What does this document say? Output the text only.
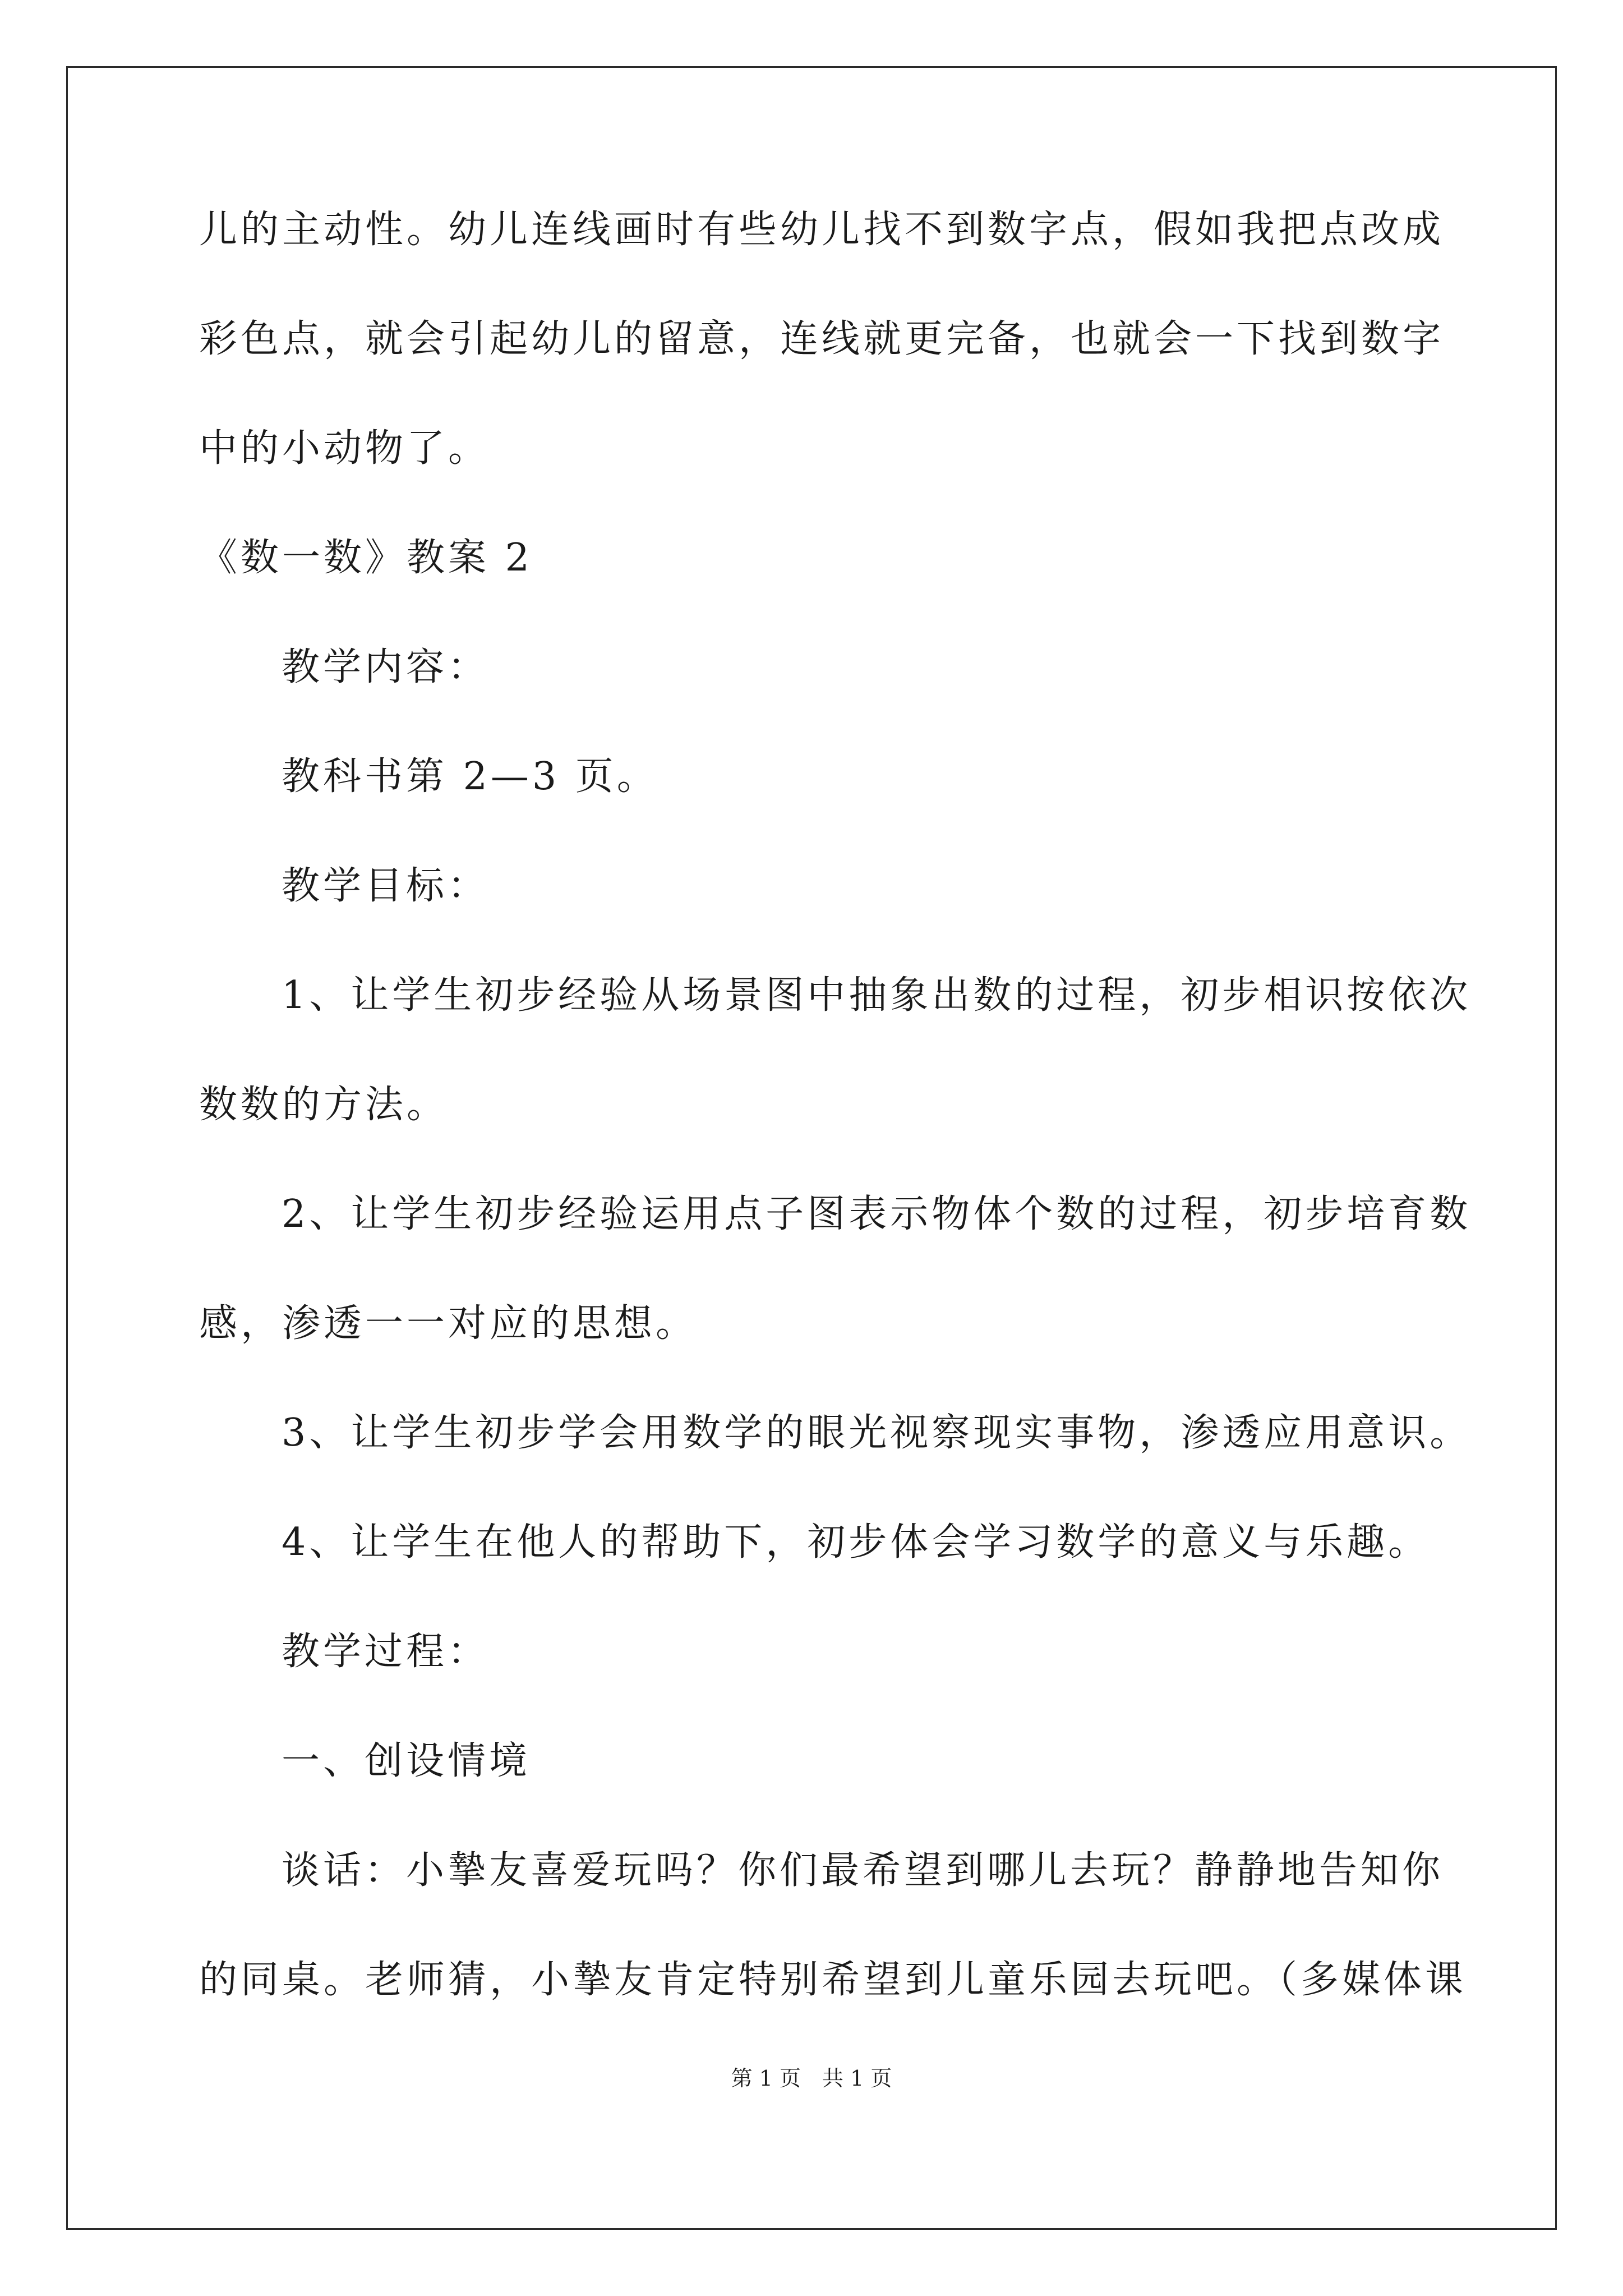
儿的主动性。幼儿连线画时有些幼儿找不到数字点，假如我把点改成
彩色点，就会引起幼儿的留意，连线就更完备，也就会一下找到数字
中的小动物了。
《数一数》教案 2
教学内容：
教科书第 2—3 页。
教学目标：
1、让学生初步经验从场景图中抽象出数的过程，初步相识按依次
数数的方法。
2、让学生初步经验运用点子图表示物体个数的过程，初步培育数
感，渗透一一对应的思想。
3、让学生初步学会用数学的眼光视察现实事物，渗透应用意识。
4、让学生在他人的帮助下，初步体会学习数学的意义与乐趣。
教学过程：
一、创设情境
谈话：小摯友喜爱玩吗？你们最希望到哪儿去玩？静静地告知你
的同桌。老师猜，小摯友肯定特别希望到儿童乐园去玩吧。（多媒体课
第 1 页　共 1 页
